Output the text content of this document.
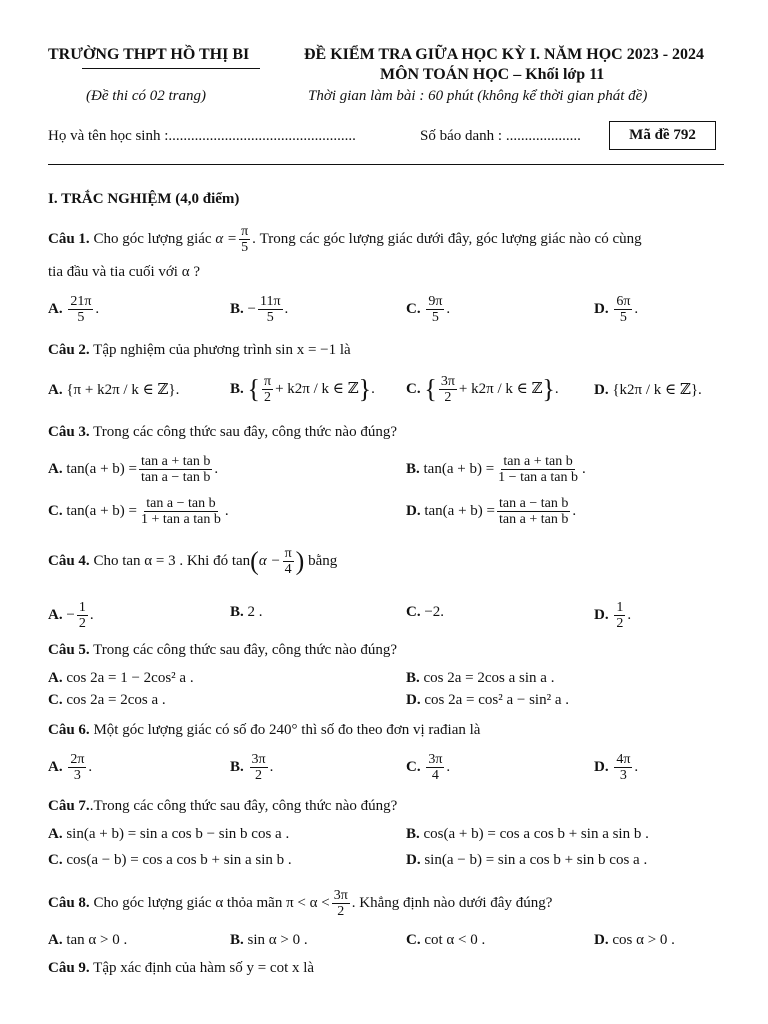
TRƯỜNG THPT HỒ THỊ BI	ĐỀ KIỂM TRA GIỮA HỌC KỲ I. NĂM HỌC 2023 - 2024
MÔN TOÁN HỌC – Khối lớp 11
(Đề thi có 02 trang)	Thời gian làm bài : 60 phút (không kể thời gian phát đề)
Họ và tên học sinh :..................................................	Số báo danh : ....................	Mã đề 792
I. TRẮC NGHIỆM (4,0 điểm)
Câu 1. Cho góc lượng giác $\alpha = \frac{\pi}{5}$ . Trong các góc lượng giác dưới đây, góc lượng giác nào có cùng
tia đầu và tia cuối với α ?
A. $\frac{21\pi}{5}$ .	B. − $\frac{11\pi}{5}$ .	C. $\frac{9\pi}{5}$ .	D. $\frac{6\pi}{5}$ .
Câu 2. Tập nghiệm của phương trình sin x = −1 là
A. {π + k2π / k ∈ ℤ}.	B. { $\frac{\pi}{2} + k2\pi / k$ ∈ ℤ}. C. { $\frac{3\pi}{2} + k2\pi / k$ ∈ ℤ}. D. {k2π / k ∈ ℤ}.
Câu 3. Trong các công thức sau đây, công thức nào đúng?
A. $\tan(a + b) = \frac{\text{tan a + tan b}}{\text{tan a − tan b}}$ .	B. $\tan(a + b) = \frac{\text{tan a + tan b}}{\text{1 − tan a tan b}}$ .
C. $\tan(a + b) = \frac{\text{tan a − tan b}}{\text{1 + tan a tan b}}$ .	D. $\tan(a + b) = \frac{\text{tan a − tan b}}{\text{tan a + tan b}}$ .
Câu 4. Cho tan α = 3 . Khi đó $\tan(\alpha - \frac{\pi}{4}$ ) bằng
A. − $\frac{1}{2}$ .	B. 2 .	C. −2.	D. $\frac{1}{2}$ .
Câu 5. Trong các công thức sau đây, công thức nào đúng?
A. cos 2a = 1 − 2cos² a .	B. cos 2a = 2cos a sin a .
C. cos 2a = 2cos a .	D. cos 2a = cos² a − sin² a .
Câu 6. Một góc lượng giác có số đo 240° thì số đo theo đơn vị rađian là
A. $\frac{2\pi}{3}$ .	B. $\frac{3\pi}{2}$ .	C. $\frac{3\pi}{4}$ .	D. $\frac{4\pi}{3}$ .
Câu 7..Trong các công thức sau đây, công thức nào đúng?
A. sin(a + b) = sin a cos b − sin b cos a .	B. cos(a + b) = cos a cos b + sin a sin b .
C. cos(a − b) = cos a cos b + sin a sin b .	D. sin(a − b) = sin a cos b + sin b cos a .
Câu 8. Cho góc lượng giác α thỏa mãn $\pi < \alpha < \frac{3\pi}{2}$ . Khẳng định nào dưới đây đúng?
A. tan α > 0 .	B. sin α > 0 .	C. cot α < 0 .	D. cos α > 0 .
Câu 9. Tập xác định của hàm số y = cot x là
